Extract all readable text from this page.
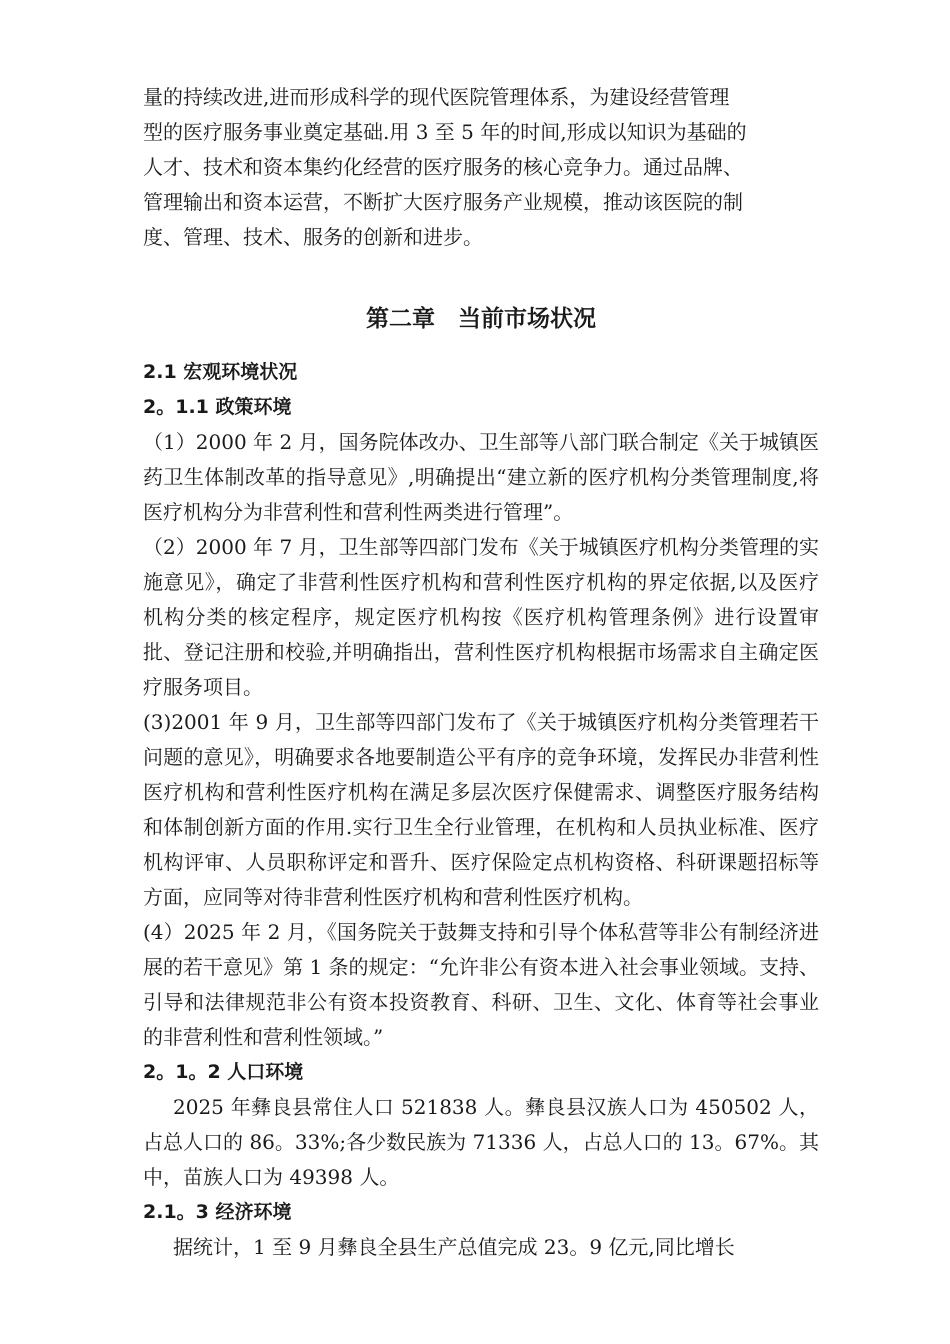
量的持续改进,进而形成科学的现代医院管理体系，为建设经营管理

型的医疗服务事业奠定基础.用 3 至 5 年的时间,形成以知识为基础的

人才、技术和资本集约化经营的医疗服务的核心竞争力。通过品牌、

管理输出和资本运营，不断扩大医疗服务产业规模，推动该医院的制

度、管理、技术、服务的创新和进步。

第二章　当前市场状况
2.1 宏观环境状况
2。1.1 政策环境

（1）2000 年 2 月，国务院体改办、卫生部等八部门联合制定《关于城镇医药卫生体制改革的指导意见》,明确提出“建立新的医疗机构分类管理制度,将医疗机构分为非营利性和营利性两类进行管理”。

（2）2000 年 7 月，卫生部等四部门发布《关于城镇医疗机构分类管理的实施意见》，确定了非营利性医疗机构和营利性医疗机构的界定依据,以及医疗机构分类的核定程序，规定医疗机构按《医疗机构管理条例》进行设置审批、登记注册和校验,并明确指出，营利性医疗机构根据市场需求自主确定医疗服务项目。

(3)2001 年 9 月，卫生部等四部门发布了《关于城镇医疗机构分类管理若干问题的意见》，明确要求各地要制造公平有序的竞争环境，发挥民办非营利性医疗机构和营利性医疗机构在满足多层次医疗保健需求、调整医疗服务结构和体制创新方面的作用.实行卫生全行业管理，在机构和人员执业标准、医疗机构评审、人员职称评定和晋升、医疗保险定点机构资格、科研课题招标等方面，应同等对待非营利性医疗机构和营利性医疗机构。

(4）2025 年 2 月，《国务院关于鼓舞支持和引导个体私营等非公有制经济进展的若干意见》第 1 条的规定：“允许非公有资本进入社会事业领域。支持、引导和法律规范非公有资本投资教育、科研、卫生、文化、体育等社会事业的非营利性和营利性领域。”

2。1。2 人口环境

2025 年彝良县常住人口 521838 人。彝良县汉族人口为 450502 人，占总人口的 86。33%;各少数民族为 71336 人，占总人口的 13。67%。其中，苗族人口为 49398 人。

2.1。3 经济环境

据统计，1 至 9 月彝良全县生产总值完成 23。9 亿元,同比增长
